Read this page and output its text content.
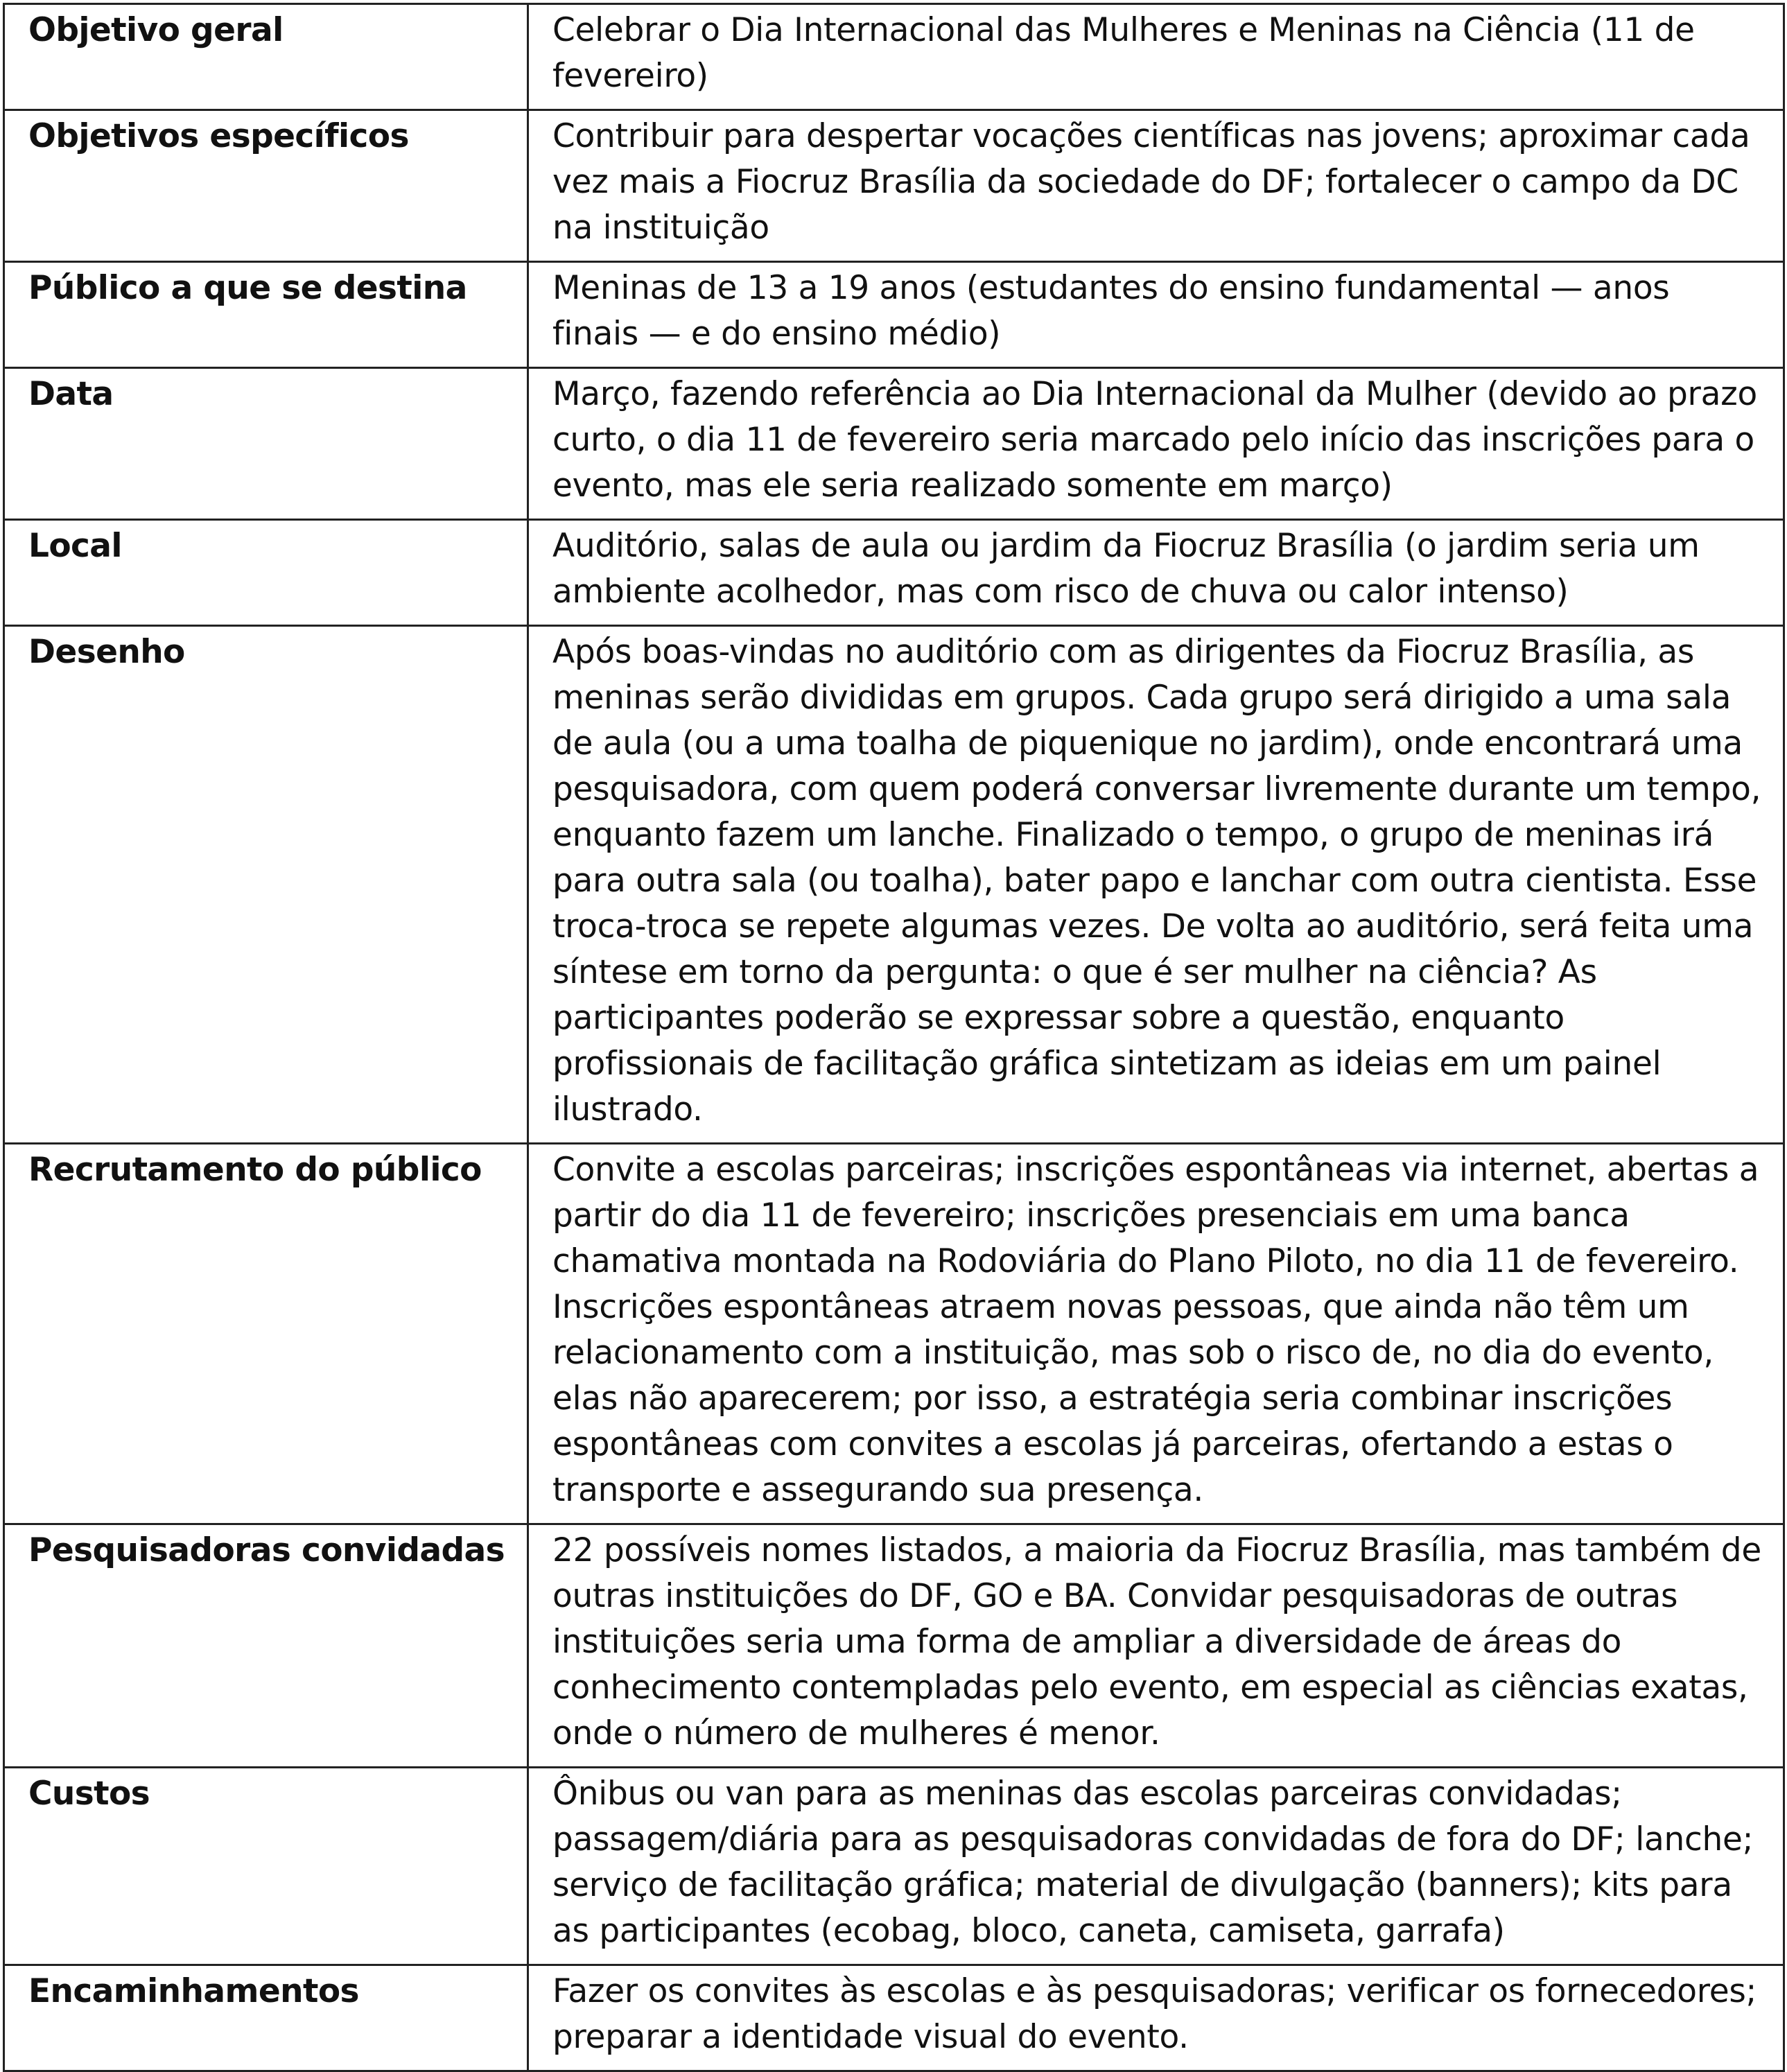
Objetivo geral	Celebrar o Dia Internacional das Mulheres e Meninas na Ciência (11 de fevereiro)
Objetivos específicos	Contribuir para despertar vocações científicas nas jovens; aproximar cada vez mais a Fiocruz Brasília da sociedade do DF; fortalecer o campo da DC na instituição
Público a que se destina	Meninas de 13 a 19 anos (estudantes do ensino fundamental — anos finais — e do ensino médio)
Data	Março, fazendo referência ao Dia Internacional da Mulher (devido ao prazo curto, o dia 11 de fevereiro seria marcado pelo início das inscrições para o evento, mas ele seria realizado somente em março)
Local	Auditório, salas de aula ou jardim da Fiocruz Brasília (o jardim seria um ambiente acolhedor, mas com risco de chuva ou calor intenso)
Desenho	Após boas-vindas no auditório com as dirigentes da Fiocruz Brasília, as meninas serão divididas em grupos. Cada grupo será dirigido a uma sala de aula (ou a uma toalha de piquenique no jardim), onde encontrará uma pesquisadora, com quem poderá conversar livremente durante um tempo, enquanto fazem um lanche. Finalizado o tempo, o grupo de meninas irá para outra sala (ou toalha), bater papo e lanchar com outra cientista. Esse troca-troca se repete algumas vezes. De volta ao auditório, será feita uma síntese em torno da pergunta: o que é ser mulher na ciência? As participantes poderão se expressar sobre a questão, enquanto profissionais de facilitação gráfica sintetizam as ideias em um painel ilustrado.
Recrutamento do público	Convite a escolas parceiras; inscrições espontâneas via internet, abertas a partir do dia 11 de fevereiro; inscrições presenciais em uma banca chamativa montada na Rodoviária do Plano Piloto, no dia 11 de fevereiro. Inscrições espontâneas atraem novas pessoas, que ainda não têm um relacionamento com a instituição, mas sob o risco de, no dia do evento, elas não aparecerem; por isso, a estratégia seria combinar inscrições espontâneas com convites a escolas já parceiras, ofertando a estas o transporte e assegurando sua presença.
Pesquisadoras convidadas	22 possíveis nomes listados, a maioria da Fiocruz Brasília, mas também de outras instituições do DF, GO e BA. Convidar pesquisadoras de outras instituições seria uma forma de ampliar a diversidade de áreas do conhecimento contempladas pelo evento, em especial as ciências exatas, onde o número de mulheres é menor.
Custos	Ônibus ou van para as meninas das escolas parceiras convidadas; passagem/diária para as pesquisadoras convidadas de fora do DF; lanche; serviço de facilitação gráfica; material de divulgação (banners); kits para as participantes (ecobag, bloco, caneta, camiseta, garrafa)
Encaminhamentos	Fazer os convites às escolas e às pesquisadoras; verificar os fornecedores; preparar a identidade visual do evento.
